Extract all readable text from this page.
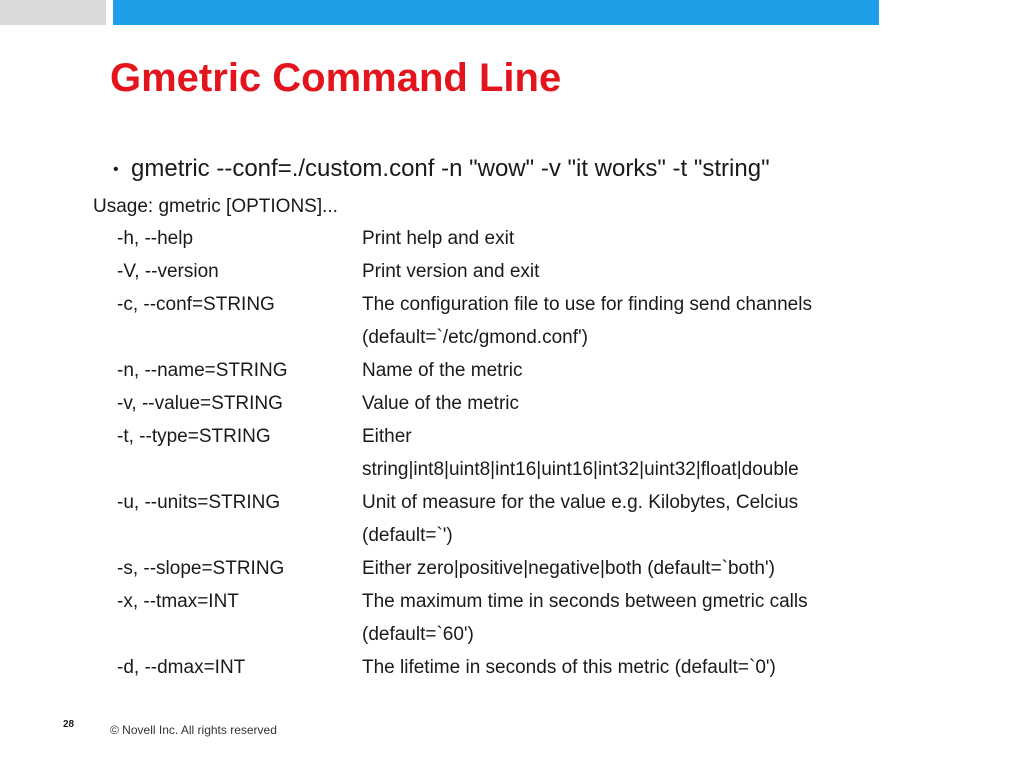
Gmetric Command Line
• gmetric --conf=./custom.conf -n "wow" -v "it works" -t "string"
Usage: gmetric [OPTIONS]...
-h, --help	Print help and exit
-V, --version	Print version and exit
-c, --conf=STRING	The configuration file to use for finding send channels
(default=`/etc/gmond.conf')
-n, --name=STRING	Name of the metric
-v, --value=STRING	Value of the metric
-t, --type=STRING	Either
string|int8|uint8|int16|uint16|int32|uint32|float|double
-u, --units=STRING	Unit of measure for the value e.g. Kilobytes, Celcius
(default=`')
-s, --slope=STRING	Either zero|positive|negative|both (default=`both')
-x, --tmax=INT	The maximum time in seconds between gmetric calls
(default=`60')
-d, --dmax=INT	The lifetime in seconds of this metric (default=`0')
28	© Novell Inc. All rights reserved
